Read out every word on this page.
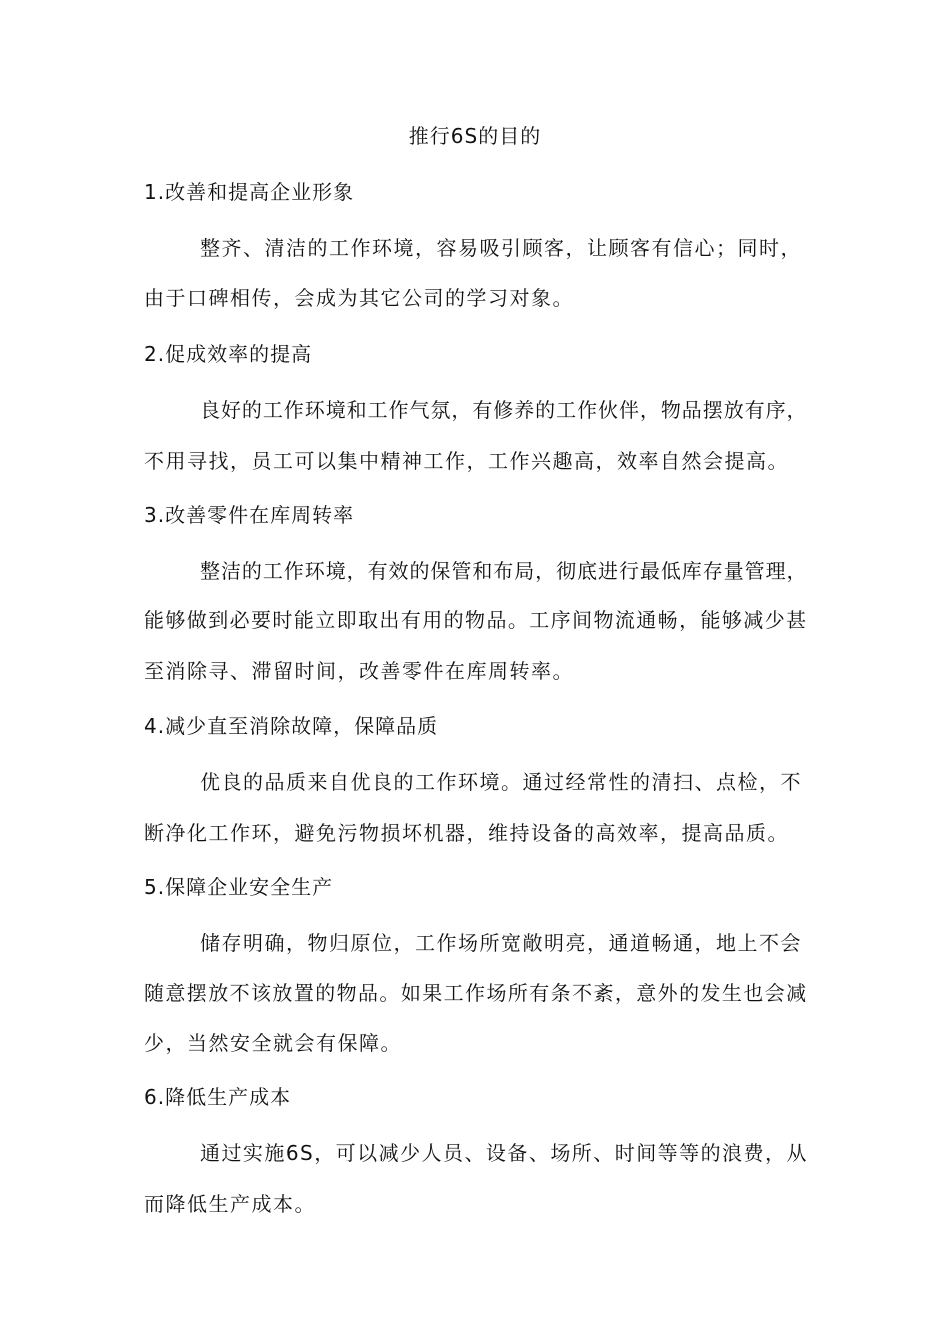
推行6S的目的
1.改善和提高企业形象
整齐、清洁的工作环境，容易吸引顾客，让顾客有信心；同时，
由于口碑相传，会成为其它公司的学习对象。
2.促成效率的提高
良好的工作环境和工作气氛，有修养的工作伙伴，物品摆放有序，
不用寻找，员工可以集中精神工作，工作兴趣高，效率自然会提高。
3.改善零件在库周转率
整洁的工作环境，有效的保管和布局，彻底进行最低库存量管理，
能够做到必要时能立即取出有用的物品。工序间物流通畅，能够减少甚
至消除寻、滞留时间，改善零件在库周转率。
4.减少直至消除故障，保障品质
优良的品质来自优良的工作环境。通过经常性的清扫、点检，不
断净化工作环，避免污物损坏机器，维持设备的高效率，提高品质。
5.保障企业安全生产
储存明确，物归原位，工作场所宽敞明亮，通道畅通，地上不会
随意摆放不该放置的物品。如果工作场所有条不紊，意外的发生也会减
少，当然安全就会有保障。
6.降低生产成本
通过实施6S，可以减少人员、设备、场所、时间等等的浪费，从
而降低生产成本。
